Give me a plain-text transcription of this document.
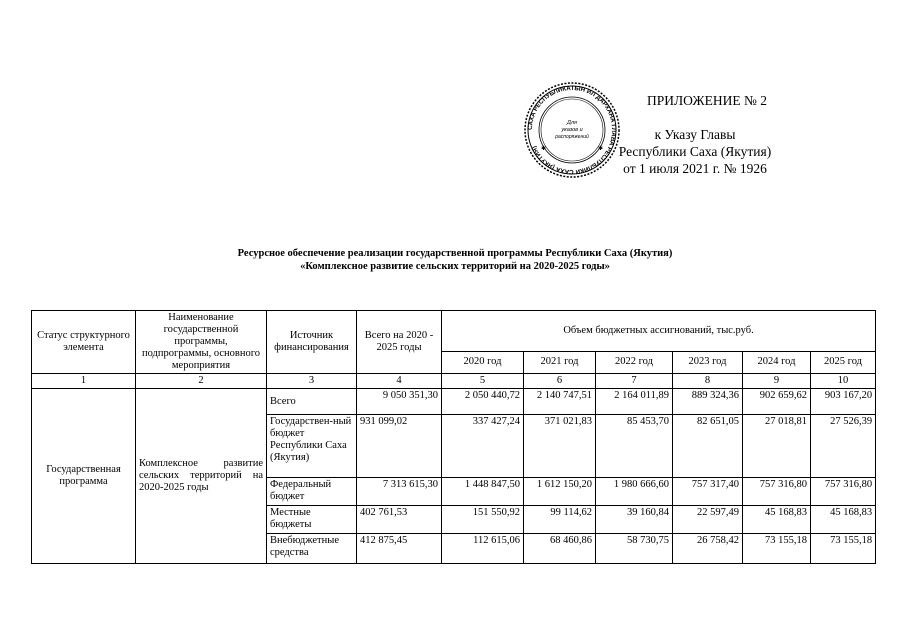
САХА РЕСПУБЛИКАТЫН ИЛ ДАРХАНА ГЛАВА РЕСПУБЛИКИ САХА (ЯКУТИЯ)
Для
указов и
распоряжений
✱	✱
ПРИЛОЖЕНИЕ № 2
к Указу Главы
Республики Саха (Якутия)
от 1 июля 2021 г. № 1926
Ресурсное обеспечение реализации государственной программы Республики Саха (Якутия)
«Комплексное развитие сельских территорий на 2020-2025 годы»
Статус структурного элемента	Наименование государственной программы, подпрограммы, основного мероприятия	Источник финансирования	Всего на 2020 - 2025 годы	Объем бюджетных ассигнований, тыс.руб.					
				2020 год	2021 год	2022 год	2023 год	2024 год	2025 год
1	2	3	4	5	6	7	8	9	10
Государственная программа	Комплексное развитие сельских территорий на 2020-2025 годы	Всего	9 050 351,30	2 050 440,72	2 140 747,51	2 164 011,89	889 324,36	902 659,62	903 167,20
		Государствен-ный бюджет Республики Саха (Якутия)	931 099,02	337 427,24	371 021,83	85 453,70	82 651,05	27 018,81	27 526,39
		Федеральный бюджет	7 313 615,30	1 448 847,50	1 612 150,20	1 980 666,60	757 317,40	757 316,80	757 316,80
		Местные бюджеты	402 761,53	151 550,92	99 114,62	39 160,84	22 597,49	45 168,83	45 168,83
		Внебюджетные средства	412 875,45	112 615,06	68 460,86	58 730,75	26 758,42	73 155,18	73 155,18
